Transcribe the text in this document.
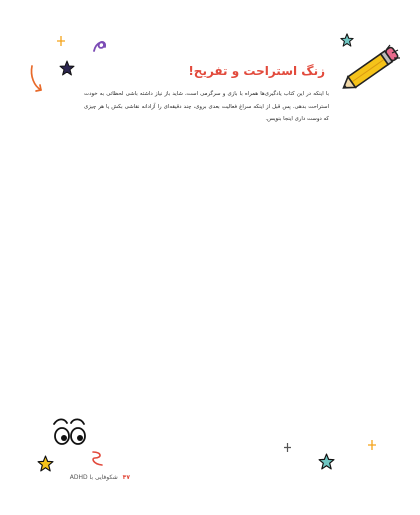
زنگ استراحت و تفریح!
با اینکه در این کتاب یادگیری‌ها همراه با بازی و سرگرمی است، شاید باز نیاز داشته باشی لحظاتی به خودت استراحت بدهی. پس قبل از اینکه سراغ فعالیت بعدی بروی، چند دقیقه‌ای را آزادانه نقاشی بکش یا هر چیزی که دوست داری اینجا بنویس.
۴۷ شکوفایی با ADHD
